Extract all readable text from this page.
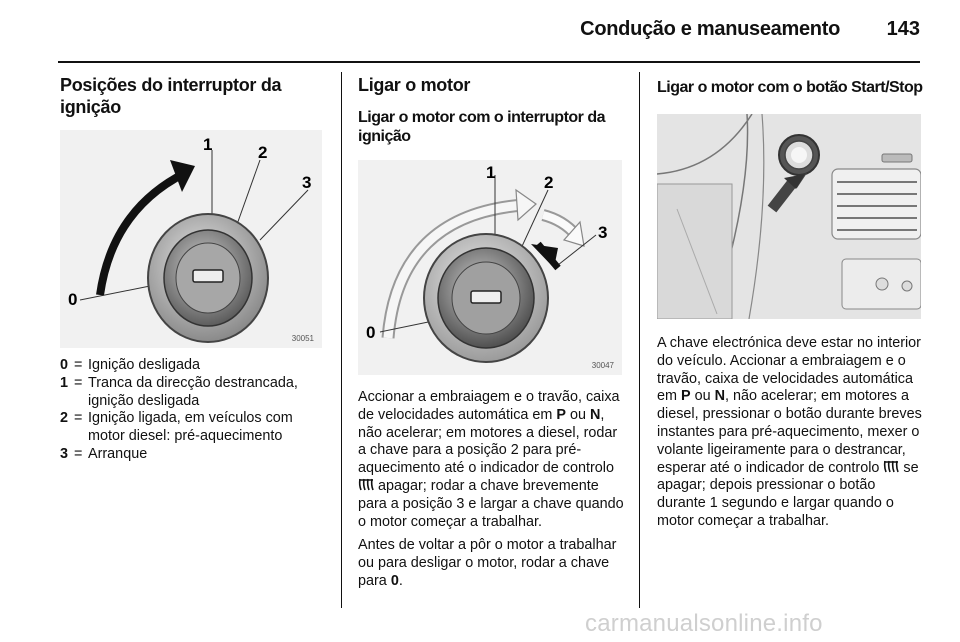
Condução e manuseamento	143
Posições do interruptor da ignição
0
1	2
3
30051
0 = Ignição desligada
1 = Tranca da direcção destrancada, ignição desligada
2 = Ignição ligada, em veículos com motor diesel: pré-aquecimento
3 = Arranque
Ligar o motor
Ligar o motor com o interruptor da ignição
0
1
2
3
30047

Accionar a embraiagem e o travão, caixa de velocidades automática em P ou N, não acelerar; em motores a diesel, rodar a chave para a posição 2 para pré-aquecimento até o indicador de controlo  apagar; rodar a chave brevemente para a posição 3 e largar a chave quando o motor começar a trabalhar.

Antes de voltar a pôr o motor a trabalhar ou para desligar o motor, rodar a chave para 0.

Ligar o motor com o botão Start/Stop

A chave electrónica deve estar no interior do veículo. Accionar a embraiagem e o travão, caixa de velocidades automática em P ou N, não acelerar; em motores a diesel, pressionar o botão durante breves instantes para pré-aquecimento, mexer o volante ligeiramente para o destrancar, esperar até o indicador de controlo  se apagar; depois pressionar o botão durante 1 segundo e largar quando o motor começar a trabalhar.

carmanualsonline.info
